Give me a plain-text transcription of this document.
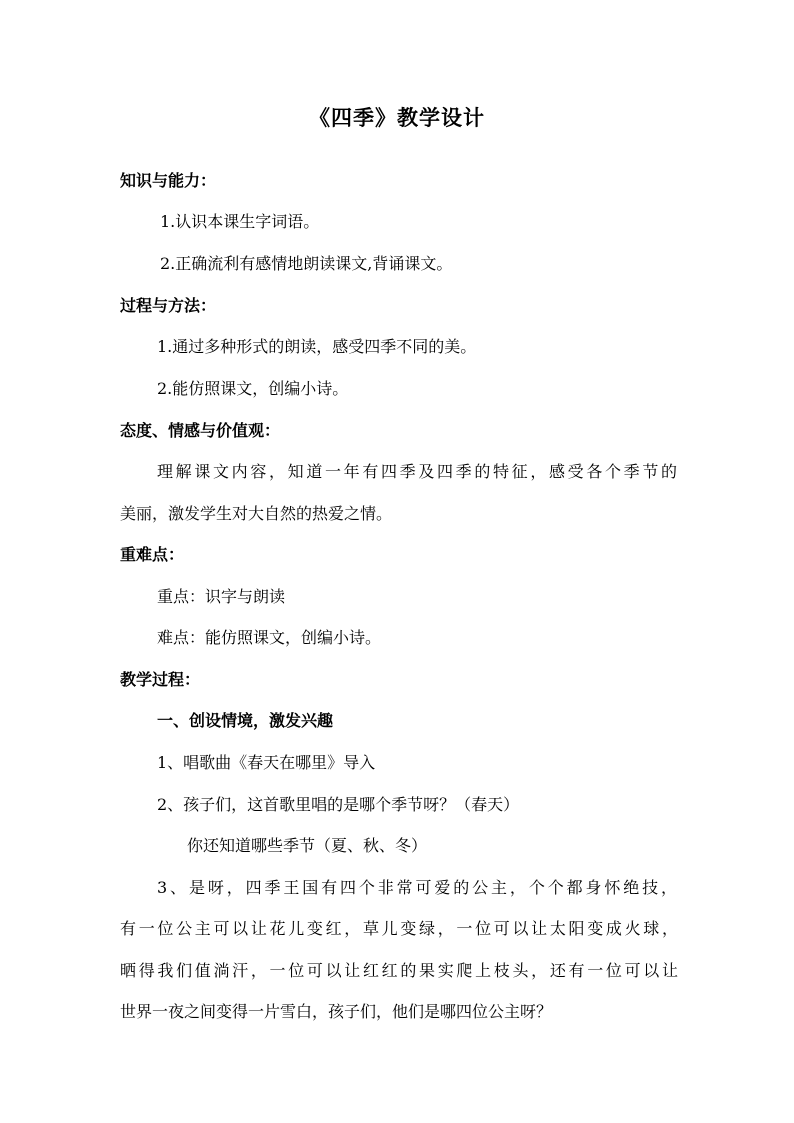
《四季》教学设计
知识与能力：
1.认识本课生字词语。
2.正确流利有感情地朗读课文,背诵课文。
过程与方法：
1.通过多种形式的朗读，感受四季不同的美。
2.能仿照课文，创编小诗。
态度、情感与价值观：
理解课文内容，知道一年有四季及四季的特征，感受各个季节的
美丽，激发学生对大自然的热爱之情。
重难点：
重点：识字与朗读
难点：能仿照课文，创编小诗。
教学过程：
一、创设情境，激发兴趣
1、唱歌曲《春天在哪里》导入
2、孩子们，这首歌里唱的是哪个季节呀？（春天）
你还知道哪些季节（夏、秋、冬）
3、是呀，四季王国有四个非常可爱的公主，个个都身怀绝技，
有一位公主可以让花儿变红，草儿变绿，一位可以让太阳变成火球，
晒得我们值淌汗，一位可以让红红的果实爬上枝头，还有一位可以让
世界一夜之间变得一片雪白，孩子们，他们是哪四位公主呀？
